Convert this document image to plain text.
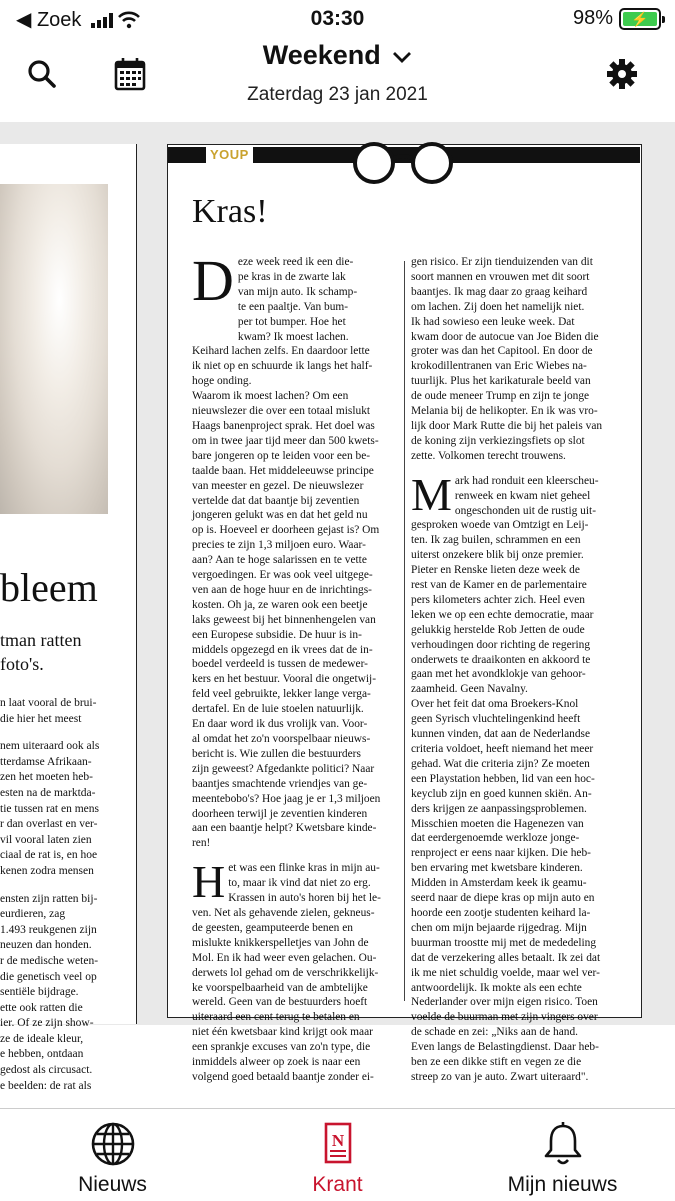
◀ Zoek	03:30	98%	⚡
Weekend
Zaterdag 23 jan 2021
bleem

tman ratten

foto's.

n laat vooral de brui-

die hier het meest

nem uiteraard ook als

tterdamse Afrikaan-

zen het moeten heb-

esten na de marktda-

tie tussen rat en mens

r dan overlast en ver-

vil vooral laten zien

ciaal de rat is, en hoe

kenen zodra mensen

ensten zijn ratten bij-

eurdieren, zag

1.493 reukgenen zijn

neuzen dan honden.

r de medische weten-

die genetisch veel op

sentiële bijdrage.

ette ook ratten die

ier. Of ze zijn show-

ze de ideale kleur,

e hebben, ontdaan

gedost als circusact.

e beelden: de rat als

YOUP
Kras!
D eze week reed ik een die-

pe kras in de zwarte lak

van mijn auto. Ik schamp-

te een paaltje. Van bum-

per tot bumper. Hoe het

kwam? Ik moest lachen.

Keihard lachen zelfs. En daardoor lette

ik niet op en schuurde ik langs het half-

hoge onding.

Waarom ik moest lachen? Om een

nieuwslezer die over een totaal mislukt

Haags banenproject sprak. Het doel was

om in twee jaar tijd meer dan 500 kwets-

bare jongeren op te leiden voor een be-

taalde baan. Het middeleeuwse principe

van meester en gezel. De nieuwslezer

vertelde dat dat baantje bij zeventien

jongeren gelukt was en dat het geld nu

op is. Hoeveel er doorheen gejast is? Om

precies te zijn 1,3 miljoen euro. Waar-

aan? Aan te hoge salarissen en te vette

vergoedingen. Er was ook veel uitgege-

ven aan de hoge huur en de inrichtings-

kosten. Oh ja, ze waren ook een beetje

laks geweest bij het binnenhengelen van

een Europese subsidie. De huur is in-

middels opgezegd en ik vrees dat de in-

boedel verdeeld is tussen de medewer-

kers en het bestuur. Vooral die ongetwij-

feld veel gebruikte, lekker lange verga-

dertafel. En de luie stoelen natuurlijk.

En daar word ik dus vrolijk van. Voor-

al omdat het zo'n voorspelbaar nieuws-

bericht is. Wie zullen die bestuurders

zijn geweest? Afgedankte politici? Naar

baantjes smachtende vriendjes van ge-

meentebobo's? Hoe jaag je er 1,3 miljoen

doorheen terwijl je zeventien kinderen

aan een baantje helpt? Kwetsbare kinde-

ren!

H et was een flinke kras in mijn au-

to, maar ik vind dat niet zo erg.

Krassen in auto's horen bij het le-

ven. Net als gehavende zielen, gekneus-

de geesten, geamputeerde benen en

mislukte knikkerspelletjes van John de

Mol. En ik had weer even gelachen. Ou-

derwets lol gehad om de verschrikkelijk-

ke voorspelbaarheid van de ambtelijke

wereld. Geen van de bestuurders hoeft

uiteraard een cent terug te betalen en

niet één kwetsbaar kind krijgt ook maar

een sprankje excuses van zo'n type, die

inmiddels alweer op zoek is naar een

volgend goed betaald baantje zonder ei-

gen risico. Er zijn tienduizenden van dit

soort mannen en vrouwen met dit soort

baantjes. Ik mag daar zo graag keihard

om lachen. Zij doen het namelijk niet.

Ik had sowieso een leuke week. Dat

kwam door de autocue van Joe Biden die

groter was dan het Capitool. En door de

krokodillentranen van Eric Wiebes na-

tuurlijk. Plus het karikaturale beeld van

de oude meneer Trump en zijn te jonge

Melania bij de helikopter. En ik was vro-

lijk door Mark Rutte die bij het paleis van

de koning zijn verkiezingsfiets op slot

zette. Volkomen terecht trouwens.

M ark had ronduit een kleerscheu-

renweek en kwam niet geheel

ongeschonden uit de rustig uit-

gesproken woede van Omtzigt en Leij-

ten. Ik zag builen, schrammen en een

uiterst onzekere blik bij onze premier.

Pieter en Renske lieten deze week de

rest van de Kamer en de parlementaire

pers kilometers achter zich. Heel even

leken we op een echte democratie, maar

gelukkig herstelde Rob Jetten de oude

verhoudingen door richting de regering

onderwets te draaikonten en akkoord te

gaan met het avondklokje van gehoor-

zaamheid. Geen Navalny.

Over het feit dat oma Broekers-Knol

geen Syrisch vluchtelingenkind heeft

kunnen vinden, dat aan de Nederlandse

criteria voldoet, heeft niemand het meer

gehad. Wat die criteria zijn? Ze moeten

een Playstation hebben, lid van een hoc-

keyclub zijn en goed kunnen skiën. An-

ders krijgen ze aanpassingsproblemen.

Misschien moeten die Hagenezen van

dat eerdergenoemde werkloze jonge-

renproject er eens naar kijken. Die heb-

ben ervaring met kwetsbare kinderen.

Midden in Amsterdam keek ik geamu-

seerd naar de diepe kras op mijn auto en

hoorde een zootje studenten keihard la-

chen om mijn bejaarde rijgedrag. Mijn

buurman troostte mij met de mededeling

dat de verzekering alles betaalt. Ik zei dat

ik me niet schuldig voelde, maar wel ver-

antwoordelijk. Ik mokte als een echte

Nederlander over mijn eigen risico. Toen

voelde de buurman met zijn vingers over

de schade en zei: „Niks aan de hand.

Even langs de Belastingdienst. Daar heb-

ben ze een dikke stift en vegen ze die

streep zo van je auto. Zwart uiteraard".

Nieuws
N
Krant	Mijn nieuws
